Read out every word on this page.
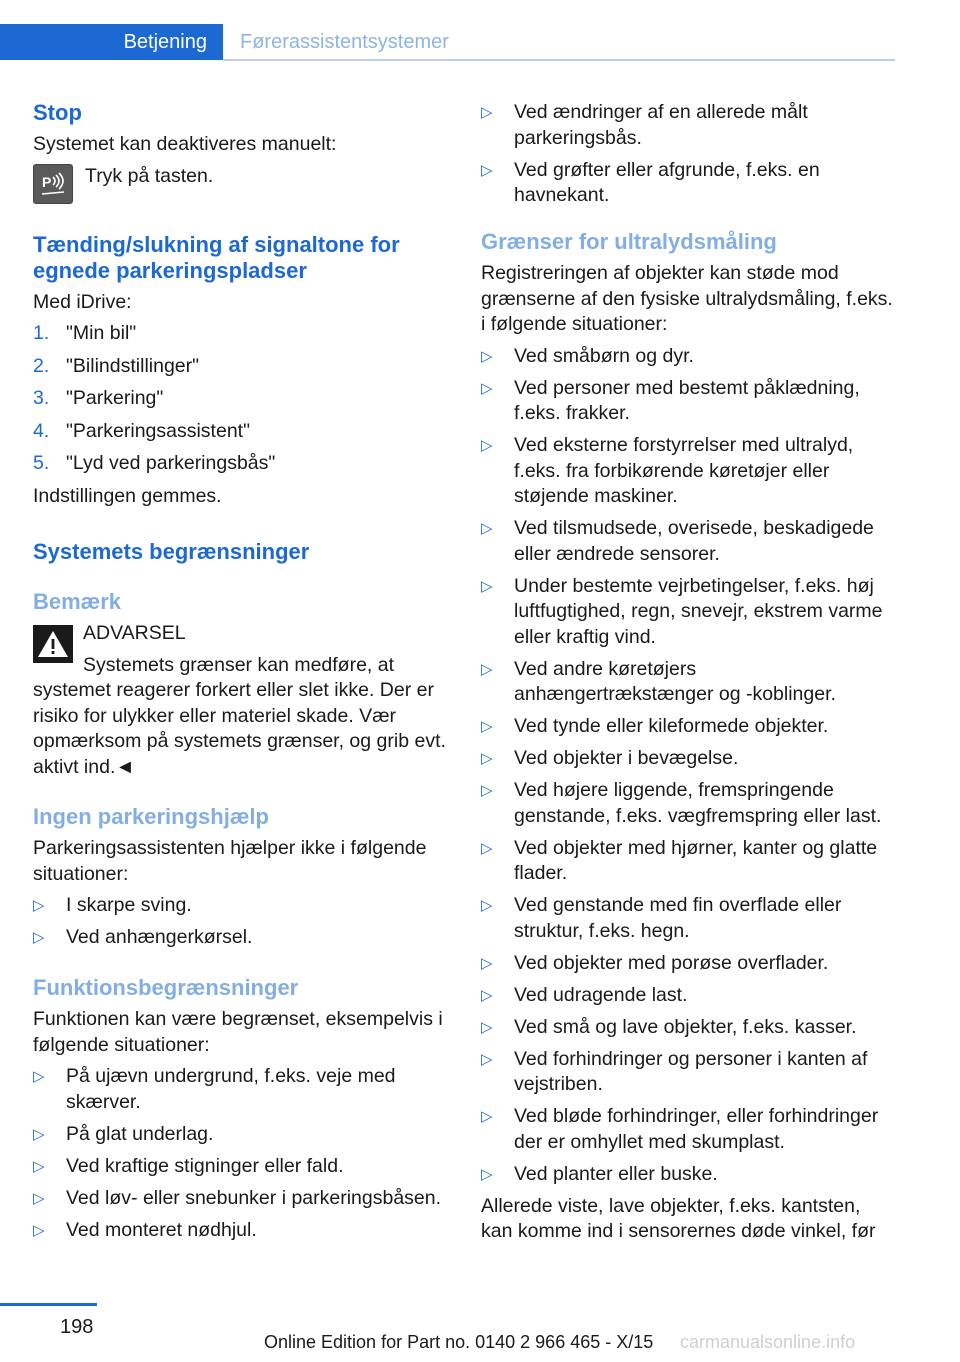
Betjening	Førerassistentsystemer
Stop

Systemet kan deaktiveres manuelt:

P Tryk på tasten.
Tænding/slukning af signaltone for egnede parkeringspladser

Med iDrive:

1. "Min bil"
2. "Bilindstillinger"
3. "Parkering"
4. "Parkeringsassistent"
5. "Lyd ved parkeringsbås"

Indstillingen gemmes.

Systemets begrænsninger
Bemærk
ADVARSEL
Systemets grænser kan medføre, at systemet reagerer forkert eller slet ikke. Der er risiko for ulykker eller materiel skade. Vær opmærksom på systemets grænser, og grib evt. aktivt ind.◄
Ingen parkeringshjælp

Parkeringsassistenten hjælper ikke i følgende situationer:

▷	I skarpe sving.
▷	Ved anhængerkørsel.
Funktionsbegrænsninger

Funktionen kan være begrænset, eksempelvis i følgende situationer:

▷	På ujævn undergrund, f.eks. veje med skærver.
▷	På glat underlag.
▷	Ved kraftige stigninger eller fald.
▷	Ved løv- eller snebunker i parkeringsbåsen.
▷	Ved monteret nødhjul.
▷	Ved ændringer af en allerede målt parkeringsbås.
▷	Ved grøfter eller afgrunde, f.eks. en havnekant.
Grænser for ultralydsmåling

Registreringen af objekter kan støde mod grænserne af den fysiske ultralydsmåling, f.eks. i følgende situationer:

▷	Ved småbørn og dyr.
▷	Ved personer med bestemt påklædning, f.eks. frakker.
▷	Ved eksterne forstyrrelser med ultralyd, f.eks. fra forbikørende køretøjer eller støjende maskiner.
▷	Ved tilsmudsede, overisede, beskadigede eller ændrede sensorer.
▷	Under bestemte vejrbetingelser, f.eks. høj luftfugtighed, regn, snevejr, ekstrem varme eller kraftig vind.
▷	Ved andre køretøjers anhængertrækstænger og -koblinger.
▷	Ved tynde eller kileformede objekter.
▷	Ved objekter i bevægelse.
▷	Ved højere liggende, fremspringende genstande, f.eks. vægfremspring eller last.
▷	Ved objekter med hjørner, kanter og glatte flader.
▷	Ved genstande med fin overflade eller struktur, f.eks. hegn.
▷	Ved objekter med porøse overflader.
▷	Ved udragende last.
▷	Ved små og lave objekter, f.eks. kasser.
▷	Ved forhindringer og personer i kanten af vejstriben.
▷	Ved bløde forhindringer, eller forhindringer der er omhyllet med skumplast.
▷	Ved planter eller buske.

Allerede viste, lave objekter, f.eks. kantsten, kan komme ind i sensorernes døde vinkel, før

198
Online Edition for Part no. 0140 2 966 465 - X/15 carmanualsonline.info
